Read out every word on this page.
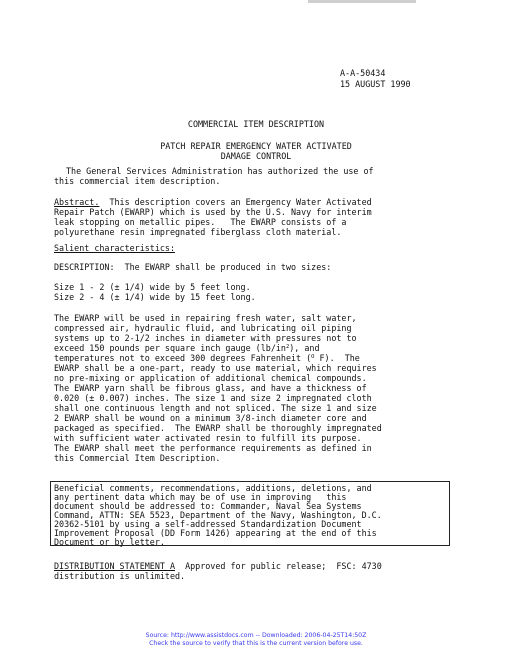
A-A-50434
15 AUGUST 1990
COMMERCIAL ITEM DESCRIPTION
PATCH REPAIR EMERGENCY WATER ACTIVATED
DAMAGE CONTROL
The General Services Administration has authorized the use of
this commercial item description.
Abstract.  This description covers an Emergency Water Activated
Repair Patch (EWARP) which is used by the U.S. Navy for interim
leak stopping on metallic pipes.   The EWARP consists of a
polyurethane resin impregnated fiberglass cloth material.
Salient characteristics:
DESCRIPTION:  The EWARP shall be produced in two sizes:
Size 1 - 2 (± 1/4) wide by 5 feet long.
Size 2 - 4 (± 1/4) wide by 15 feet long.
The EWARP will be used in repairing fresh water, salt water,
compressed air, hydraulic fluid, and lubricating oil piping
systems up to 2-1/2 inches in diameter with pressures not to
exceed 150 pounds per square inch gauge $(lb/in^2)$, and
temperatures not to exceed 300 degrees Fahrenheit ($^O$ F).  The
EWARP shall be a one-part, ready to use material, which requires
no pre-mixing or application of additional chemical compounds.
The EWARP yarn shall be fibrous glass, and have a thickness of
0.020 (± 0.007) inches. The size 1 and size 2 impregnated cloth
shall one continuous length and not spliced. The size 1 and size
2 EWARP shall be wound on a minimum 3/8-inch diameter core and
packaged as specified.  The EWARP shall be thoroughly impregnated
with sufficient water activated resin to fulfill its purpose.
The EWARP shall meet the performance requirements as defined in
this Commercial Item Description.
Beneficial comments, recommendations, additions, deletions, and
any pertinent data which may be of use in improving   this
document should be addressed to: Commander, Naval Sea Systems
Command, ATTN: SEA 5523, Department of the Navy, Washington, D.C.
20362-5101 by using a self-addressed Standardization Document
Improvement Proposal (DD Form 1426) appearing at the end of this
Document or by letter.
DISTRIBUTION STATEMENT A  Approved for public release;  FSC: 4730
distribution is unlimited.
Source: http://www.assistdocs.com -- Downloaded: 2006-04-25T14:50Z
Check the source to verify that this is the current version before use.
